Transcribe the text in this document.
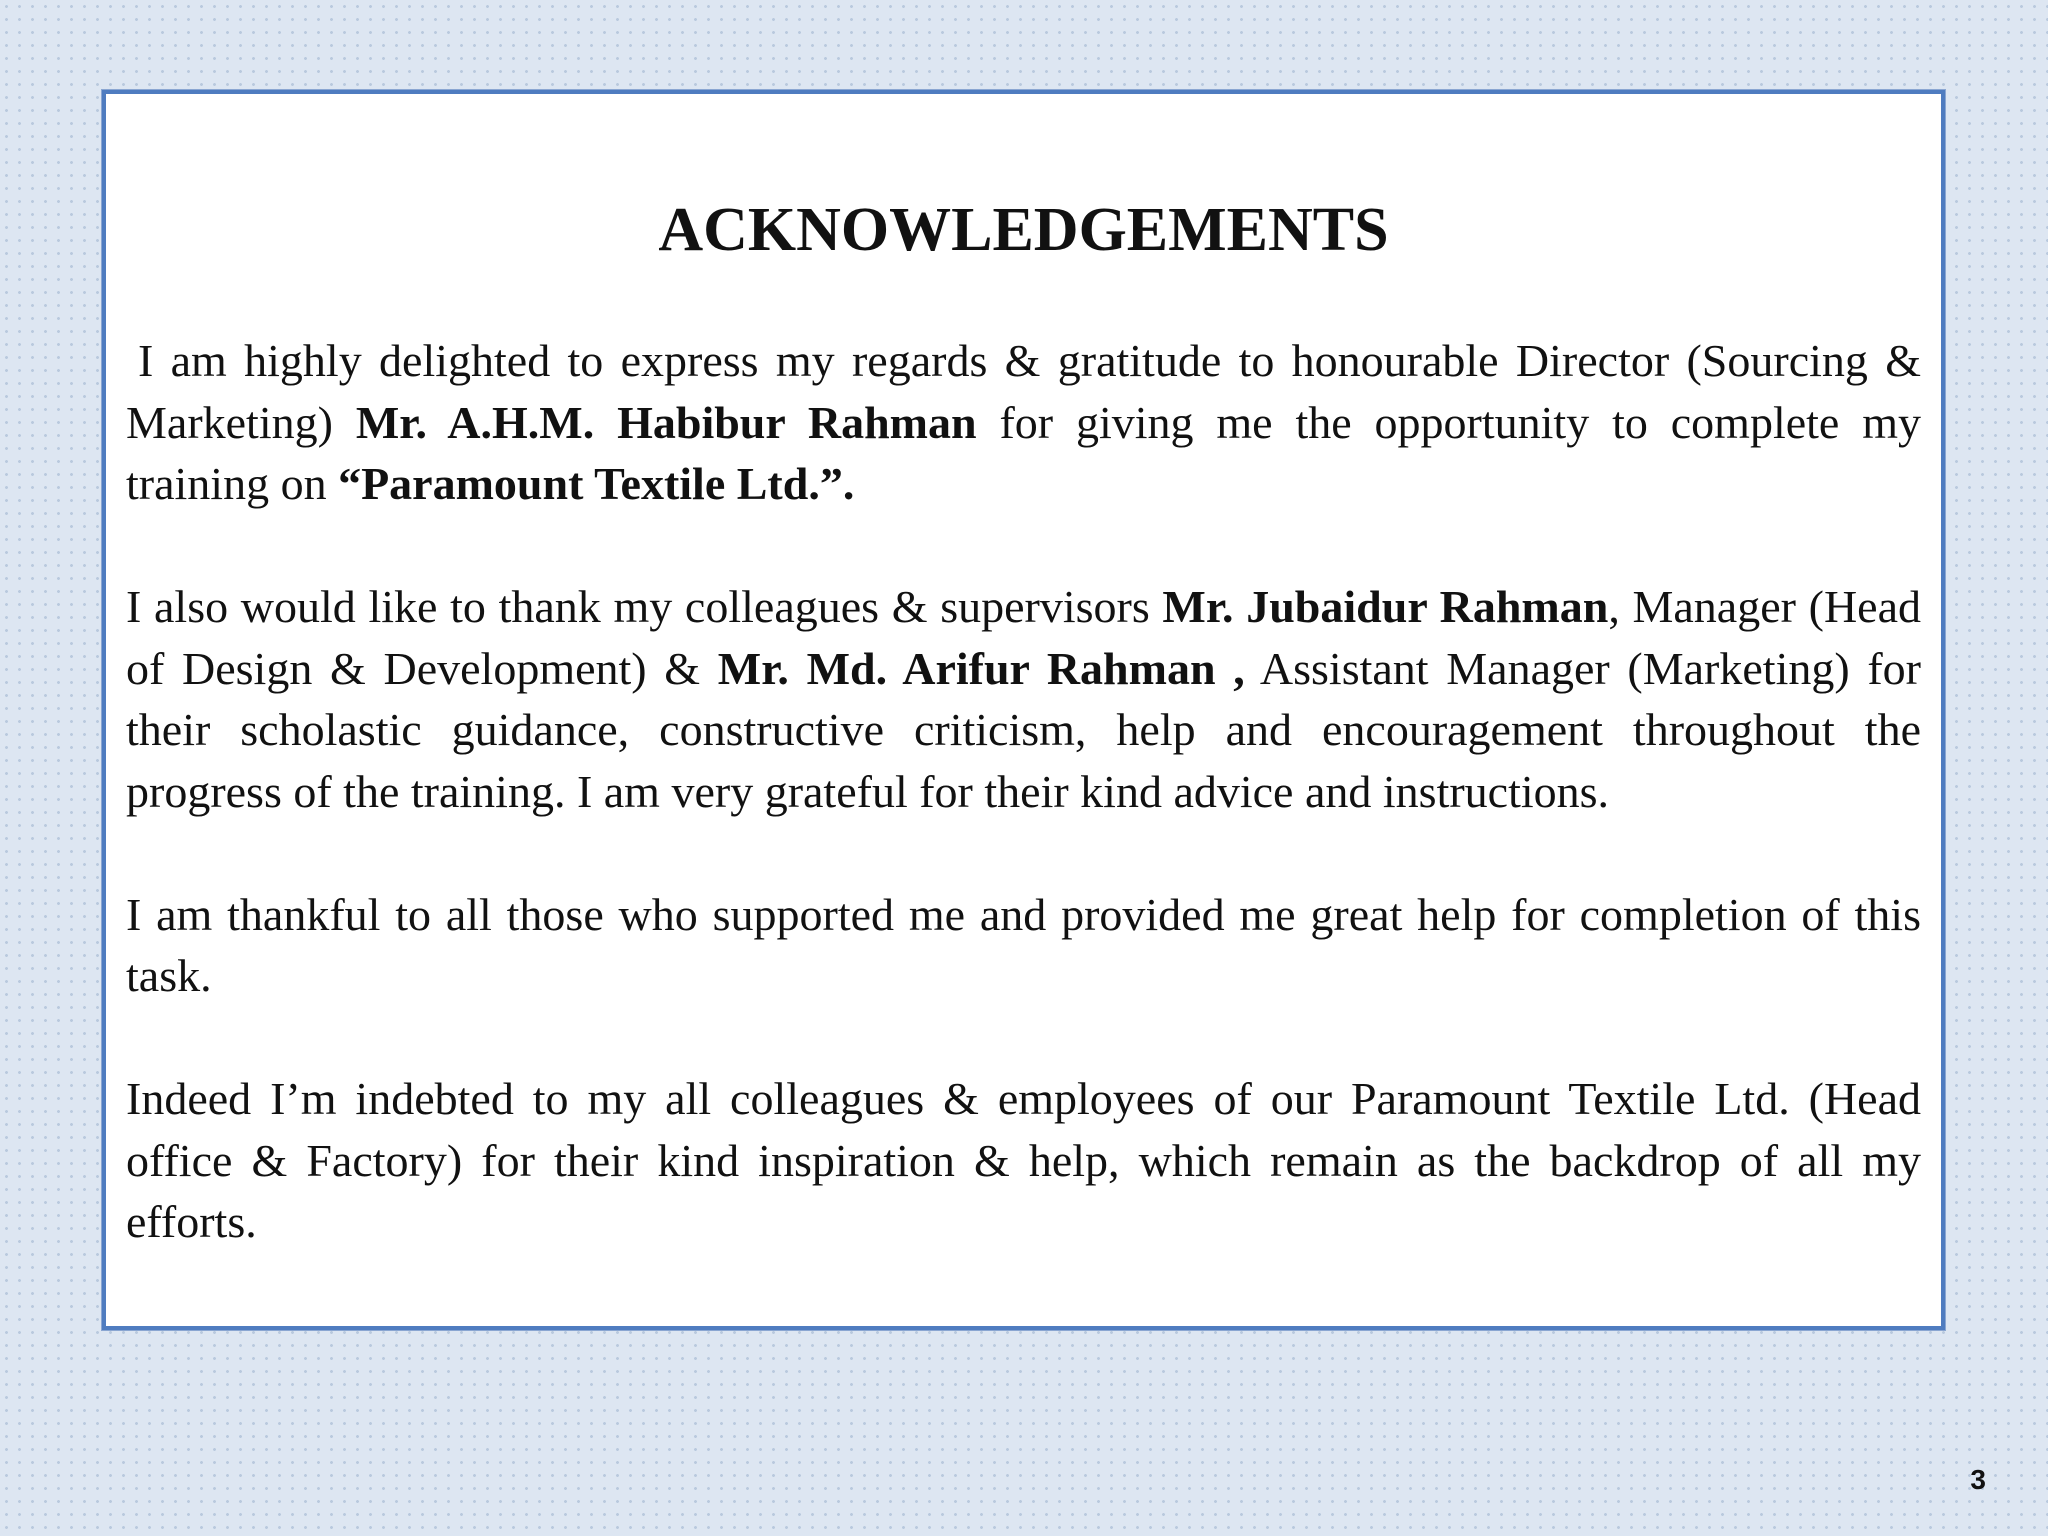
ACKNOWLEDGEMENTS

I am highly delighted to express my regards & gratitude to honourable Director (Sourcing & Marketing) Mr. A.H.M. Habibur Rahman for giving me the opportunity to complete my training on “Paramount Textile Ltd.”.

I also would like to thank my colleagues & supervisors Mr. Jubaidur Rahman, Manager (Head of Design & Development) & Mr. Md. Arifur Rahman , Assistant Manager (Marketing) for their scholastic guidance, constructive criticism, help and encouragement throughout the progress of the training. I am very grateful for their kind advice and instructions.

I am thankful to all those who supported me and provided me great help for completion of this task.

Indeed I’m indebted to my all colleagues & employees of our Paramount Textile Ltd. (Head office & Factory) for their kind inspiration & help, which remain as the backdrop of all my efforts.

3
